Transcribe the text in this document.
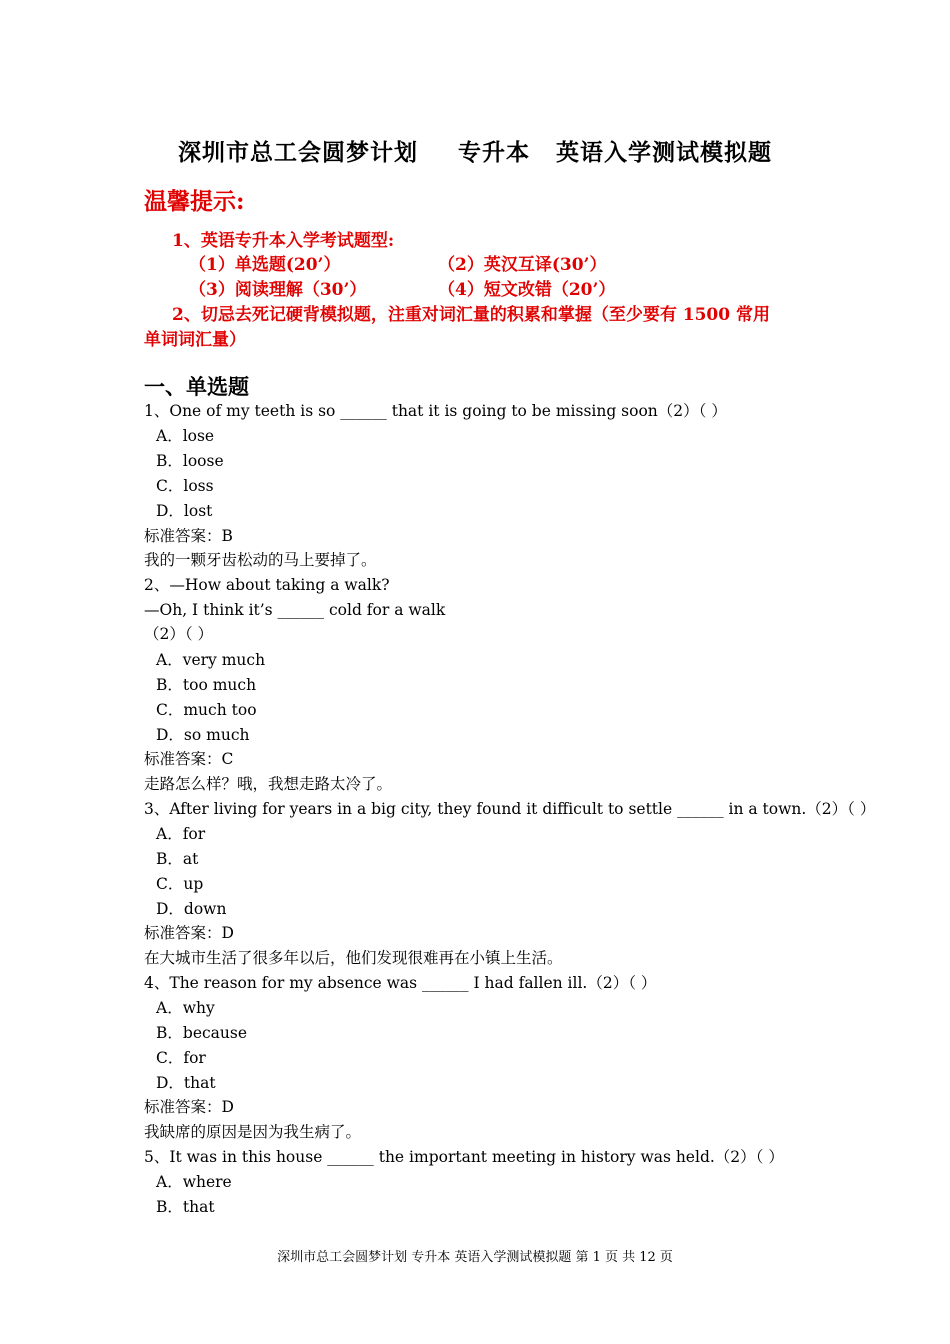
深圳市总工会圆梦计划 专升本 英语入学测试模拟题
温馨提示:
1、英语专升本入学考试题型:
（1）单选题(20’）	（2）英汉互译(30’）
（3）阅读理解（30’）	（4）短文改错（20’）
2、切忌去死记硬背模拟题，注重对词汇量的积累和掌握（至少要有 1500 常用
单词词汇量）
一、单选题
1、One of my teeth is so ______ that it is going to be missing soon（2）（ ）
A．lose
B．loose
C．loss
D．lost
标准答案：B
我的一颗牙齿松动的马上要掉了。
2、—How about taking a walk?
—Oh, I think it’s ______ cold for a walk
（2）（ ）
A．very much
B．too much
C．much too
D．so much
标准答案：C
走路怎么样？哦，我想走路太冷了。
3、After living for years in a big city, they found it difficult to settle ______ in a town.（2）（ ）
A．for
B．at
C．up
D．down
标准答案：D
在大城市生活了很多年以后，他们发现很难再在小镇上生活。
4、The reason for my absence was ______ I had fallen ill.（2）（ ）
A．why
B．because
C．for
D．that
标准答案：D
我缺席的原因是因为我生病了。
5、It was in this house ______ the important meeting in history was held.（2）（ ）
A．where
B．that
深圳市总工会圆梦计划 专升本 英语入学测试模拟题 第 1 页 共 12 页
